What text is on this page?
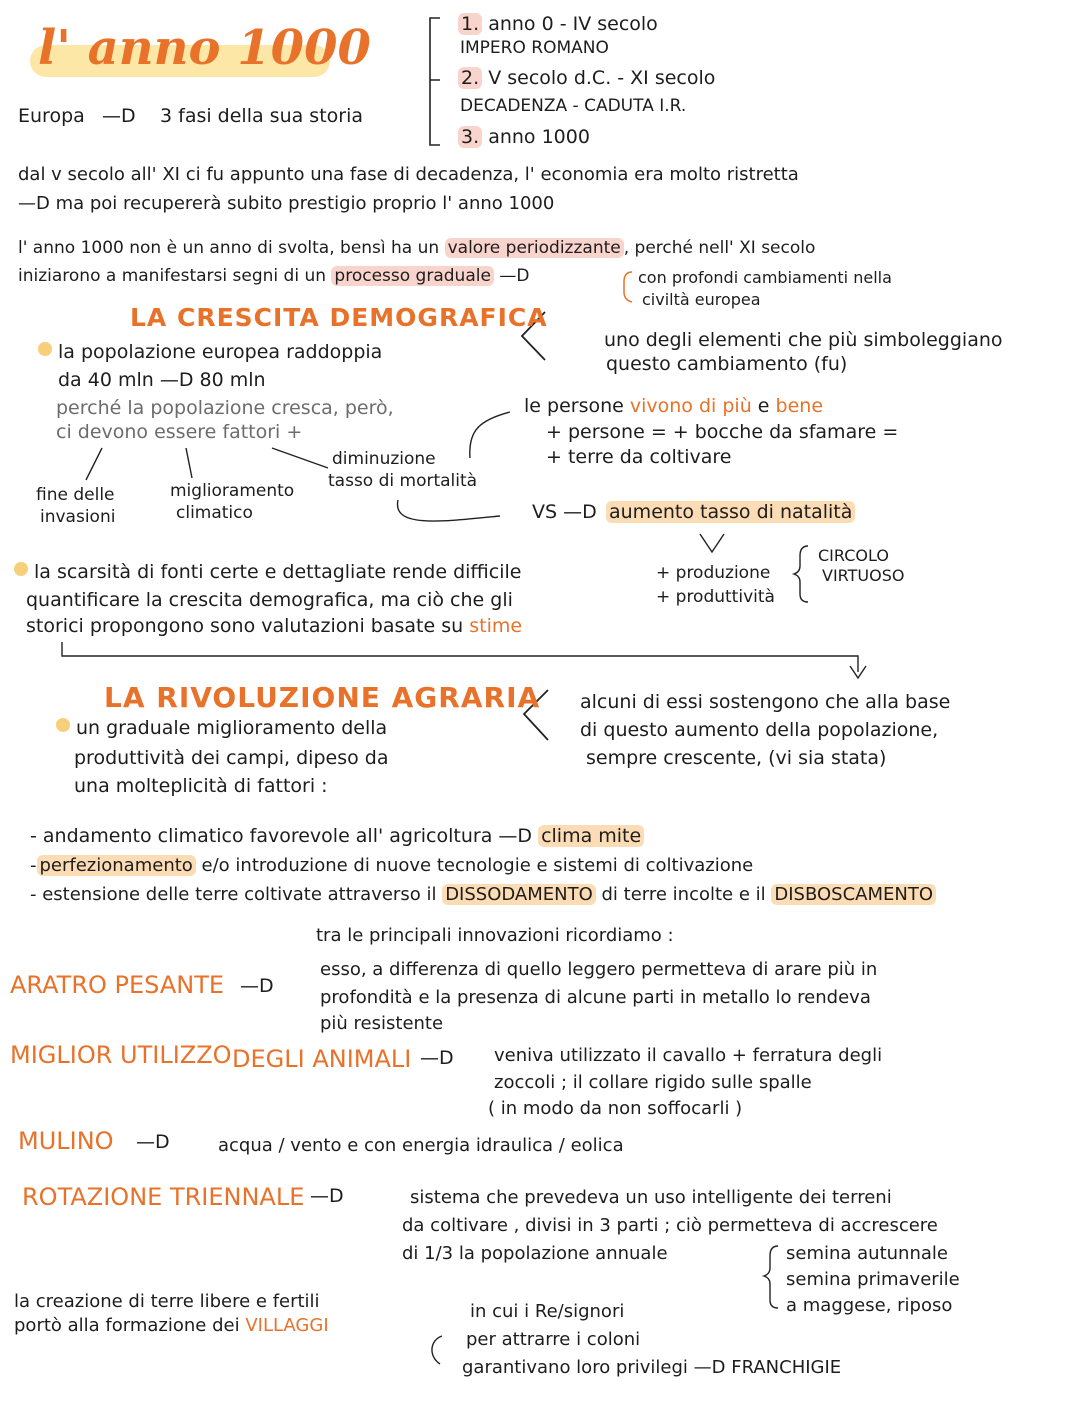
l' anno 1000
Europa —D 3 fasi della sua storia
1. anno 0 - IV secolo
IMPERO ROMANO
2. V secolo d.C. - XI secolo
DECADENZA - CADUTA I.R.
3. anno 1000
dal v secolo all' XI ci fu appunto una fase di decadenza, l' economia era molto ristretta
—D ma poi recupererà subito prestigio proprio l' anno 1000
l' anno 1000 non è un anno di svolta, bensì ha un valore periodizzante , perché nell' XI secolo
iniziarono a manifestarsi segni di un processo graduale —D	con profondi cambiamenti nella
civiltà europea
LA CRESCITA DEMOGRAFICA
uno degli elementi che più simboleggiano
questo cambiamento (fu)
la popolazione europea raddoppia
da 40 mln —D 80 mln
perché la popolazione cresca, però,
ci devono essere fattori +
fine delle
invasioni
miglioramento
climatico
diminuzione
tasso di mortalità
le persone vivono di più e bene
+ persone = + bocche da sfamare =
+ terre da coltivare
VS —D aumento tasso di natalità
+ produzione
+ produttività
CIRCOLO
VIRTUOSO
la scarsità di fonti certe e dettagliate rende difficile
quantificare la crescita demografica, ma ciò che gli
storici propongono sono valutazioni basate su stime
LA RIVOLUZIONE AGRARIA alcuni di essi sostengono che alla base
di questo aumento della popolazione,
sempre crescente, (vi sia stata)
un graduale miglioramento della
produttività dei campi, dipeso da
una molteplicità di fattori :
- andamento climatico favorevole all' agricoltura —D clima mite
- perfezionamento e/o introduzione di nuove tecnologie e sistemi di coltivazione
- estensione delle terre coltivate attraverso il DISSODAMENTO di terre incolte e il DISBOSCAMENTO
tra le principali innovazioni ricordiamo :
ARATRO PESANTE —D
esso, a differenza di quello leggero permetteva di arare più in
profondità e la presenza di alcune parti in metallo lo rendeva
più resistente
MIGLIOR UTILIZZO DEGLI ANIMALI —D veniva utilizzato il cavallo + ferratura degli
zoccoli ; il collare rigido sulle spalle
( in modo da non soffocarli )
MULINO —D	acqua / vento e con energia idraulica / eolica
ROTAZIONE TRIENNALE —D	sistema che prevedeva un uso intelligente dei terreni
da coltivare , divisi in 3 parti ; ciò permetteva di accrescere
di 1/3 la popolazione annuale	semina autunnale
semina primaverile
a maggese, riposo
la creazione di terre libere e fertili
portò alla formazione dei VILLAGGI
in cui i Re/signori
per attrarre i coloni
garantivano loro privilegi —D FRANCHIGIE
